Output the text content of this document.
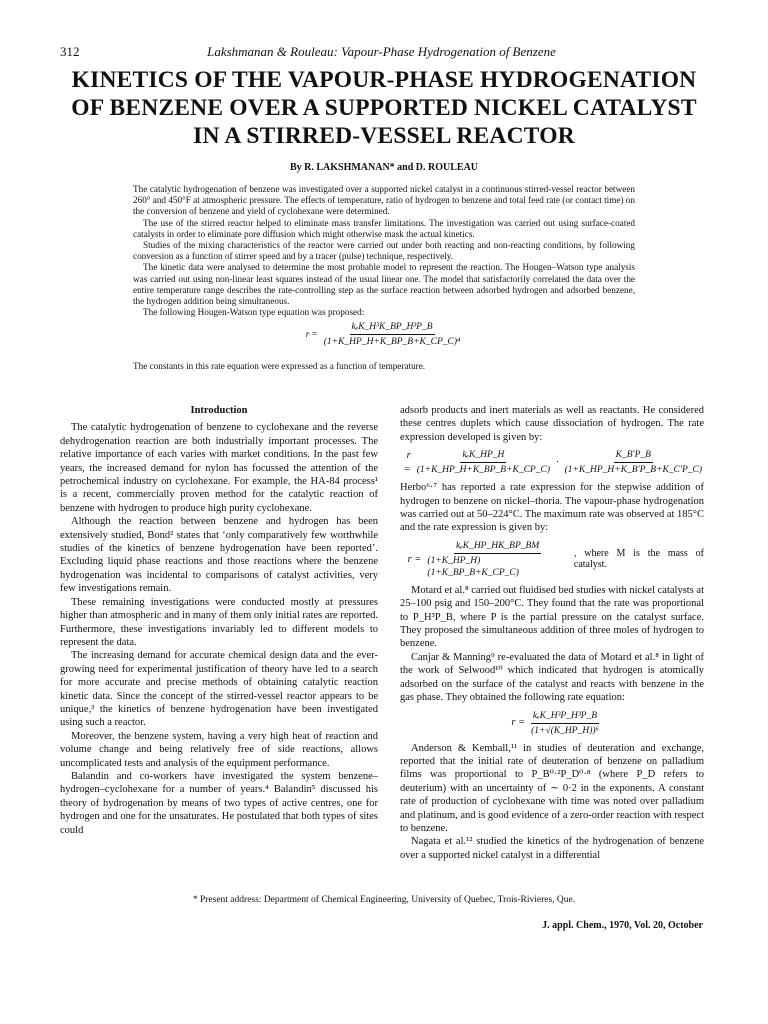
312	Lakshmanan & Rouleau: Vapour-Phase Hydrogenation of Benzene
KINETICS OF THE VAPOUR-PHASE HYDROGENATION
OF BENZENE OVER A SUPPORTED NICKEL CATALYST
IN A STIRRED-VESSEL REACTOR
By R. LAKSHMANAN* and D. ROULEAU

The catalytic hydrogenation of benzene was investigated over a supported nickel catalyst in a continuous stirred-vessel reactor between 260° and 450°F at atmospheric pressure. The effects of temperature, ratio of hydrogen to benzene and total feed rate (or contact time) on the conversion of benzene and yield of cyclohexane were determined.

The use of the stirred reactor helped to eliminate mass transfer limitations. The investigation was carried out using surface-coated catalysts in order to eliminate pore diffusion which might otherwise mask the actual kinetics.

Studies of the mixing characteristics of the reactor were carried out under both reacting and non-reacting conditions, by following conversion as a function of stirrer speed and by a tracer (pulse) technique, respectively.

The kinetic data were analysed to determine the most probable model to represent the reaction. The Hougen–Watson type analysis was carried out using non-linear least squares instead of the usual linear one. The model that satisfactorily correlated the data over the entire temperature range describes the rate-controlling step as the surface reaction between adsorbed hydrogen and adsorbed benzene, the hydrogen addition being simultaneous.

The following Hougen-Watson type equation was proposed:

$r = \frac{\text{kₑK\_H³K\_BP\_H³P\_B}}{\text{(1+K\_HP\_H+K\_BP\_B+K\_CP\_C)⁴}}$
The constants in this rate equation were expressed as a function of temperature.
Introduction

The catalytic hydrogenation of benzene to cyclohexane and the reverse dehydrogenation reaction are both industrially important processes. The relative importance of each varies with market conditions. In the past few years, the increased demand for nylon has focussed the attention of the petrochemical industry on cyclohexane. For example, the HA-84 process¹ is a recent, commercially proven method for the catalytic reaction of benzene with hydrogen to produce high purity cyclohexane.

Although the reaction between benzene and hydrogen has been extensively studied, Bond² states that ‘only comparatively few worthwhile studies of the kinetics of benzene hydrogenation have been reported’. Excluding liquid phase reactions and those reactions where the benzene hydrogenation was incidental to comparisons of catalyst activities, very few investigations remain.

These remaining investigations were conducted mostly at pressures higher than atmospheric and in many of them only initial rates are reported. Furthermore, these investigations invariably led to different models to represent the data.

The increasing demand for accurate chemical design data and the ever-growing need for experimental justification of theory have led to a search for more accurate and precise methods of obtaining catalytic reaction kinetic data. Since the concept of the stirred-vessel reactor appears to be unique,³ the kinetics of benzene hydrogenation have been investigated using such a reactor.

Moreover, the benzene system, having a very high heat of reaction and volume change and being relatively free of side reactions, allows uncomplicated tests and analysis of the equipment performance.

Balandin and co-workers have investigated the system benzene–hydrogen–cyclohexane for a number of years.⁴ Balandin⁵ discussed his theory of hydrogenation by means of two types of active centres, one for hydrogen and one for the unsaturates. He postulated that both types of sites could

adsorb products and inert materials as well as reactants. He considered these centres duplets which cause dissociation of hydrogen. The rate expression developed is given by:

$r = \frac{\text{kₑK\_HP\_H}}{(1+K\_HP\_H+K\_BP\_B+K\_CP\_C)} \cdot \frac{K\_B'P\_B}{(1+K\_HP\_H+K\_B'P\_B+K\_C'P\_C)}$

Herbo⁶·⁷ has reported a rate expression for the stepwise addition of hydrogen to benzene on nickel–thoria. The vapour-phase hydrogenation was carried out at 50–224°C. The maximum rate was observed at 185°C and the rate expression is given by:

$r = \frac{\text{kₑK\_HP\_HK\_BP\_BM}}{(1+K\_HP\_H)(1+K\_BP\_B+K\_CP\_C)}$ , where M is the mass of catalyst.

Motard et al.⁸ carried out fluidised bed studies with nickel catalysts at 25–100 psig and 150–200°C. They found that the rate was proportional to P_H³P_B, where P is the partial pressure on the catalyst surface. They proposed the simultaneous addition of three moles of hydrogen to benzene.

Canjar & Manning⁹ re-evaluated the data of Motard et al.⁸ in light of the work of Selwood¹⁰ which indicated that hydrogen is atomically adsorbed on the surface of the catalyst and reacts with benzene in the gas phase. They obtained the following rate equation:

$r = \frac{\text{kₑK\_H³P\_H³P\_B}}{\text{(1+√(K\_HP\_H))⁶}}$

Anderson & Kemball,¹¹ in studies of deuteration and exchange, reported that the initial rate of deuteration of benzene on palladium films was proportional to P_B⁰·²P_D⁰·⁸ (where P_D refers to deuterium) with an uncertainty of ∼ 0·2 in the exponents. A constant rate of production of cyclohexane with time was noted over palladium and platinum, and is good evidence of a zero-order reaction with respect to benzene.

Nagata et al.¹² studied the kinetics of the hydrogenation of benzene over a supported nickel catalyst in a differential

* Present address: Department of Chemical Engineering, University of Quebec, Trois-Rivieres, Que.
J. appl. Chem., 1970, Vol. 20, October
